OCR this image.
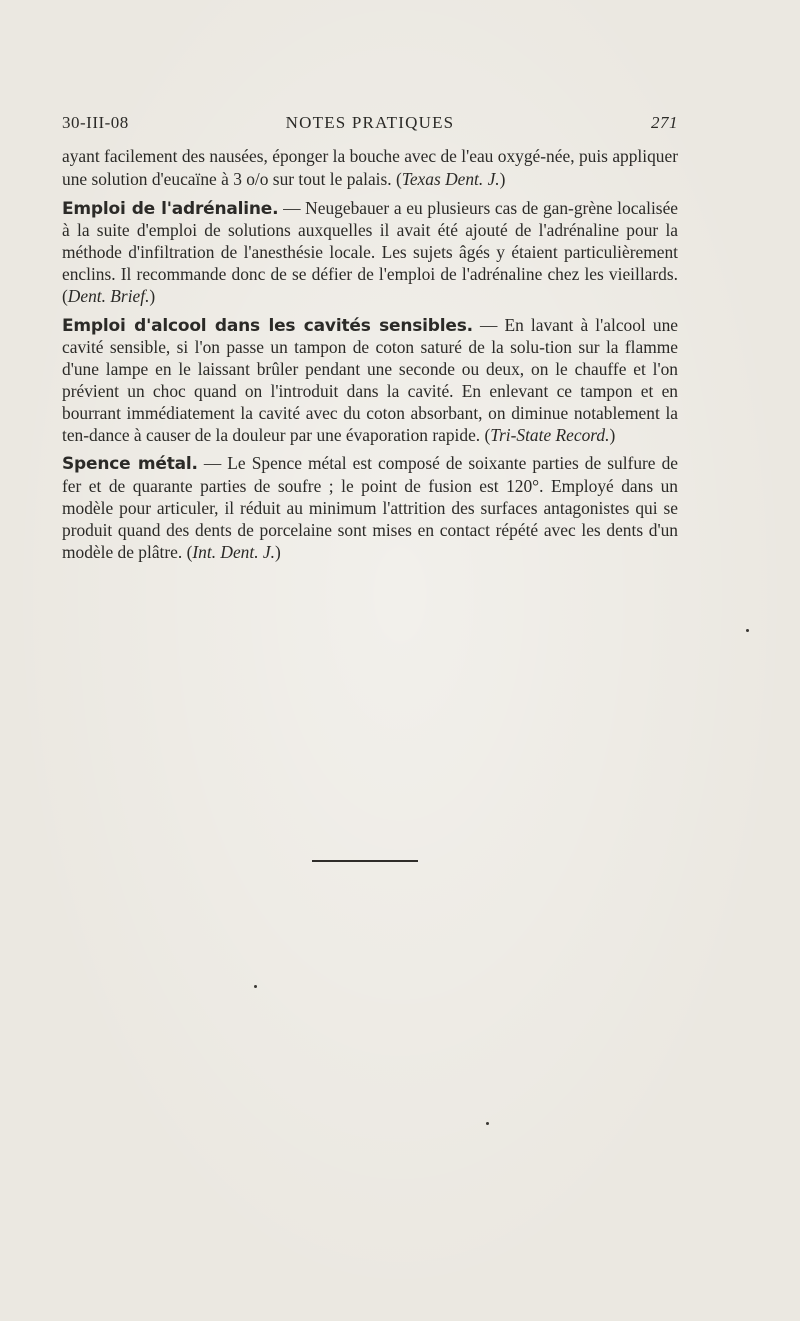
30-III-08	NOTES PRATIQUES	271

ayant facilement des nausées, éponger la bouche avec de l'eau oxygé-née, puis appliquer une solution d'eucaïne à 3 o/o sur tout le palais. (Texas Dent. J.)

Emploi de l'adrénaline. — Neugebauer a eu plusieurs cas de gan-grène localisée à la suite d'emploi de solutions auxquelles il avait été ajouté de l'adrénaline pour la méthode d'infiltration de l'anesthésie locale. Les sujets âgés y étaient particulièrement enclins. Il recommande donc de se défier de l'emploi de l'adrénaline chez les vieillards. (Dent. Brief.)

Emploi d'alcool dans les cavités sensibles. — En lavant à l'alcool une cavité sensible, si l'on passe un tampon de coton saturé de la solu-tion sur la flamme d'une lampe en le laissant brûler pendant une seconde ou deux, on le chauffe et l'on prévient un choc quand on l'introduit dans la cavité. En enlevant ce tampon et en bourrant immédiatement la cavité avec du coton absorbant, on diminue notablement la ten-dance à causer de la douleur par une évaporation rapide. (Tri-State Record.)

Spence métal. — Le Spence métal est composé de soixante parties de sulfure de fer et de quarante parties de soufre ; le point de fusion est 120°. Employé dans un modèle pour articuler, il réduit au minimum l'attrition des surfaces antagonistes qui se produit quand des dents de porcelaine sont mises en contact répété avec les dents d'un modèle de plâtre. (Int. Dent. J.)
